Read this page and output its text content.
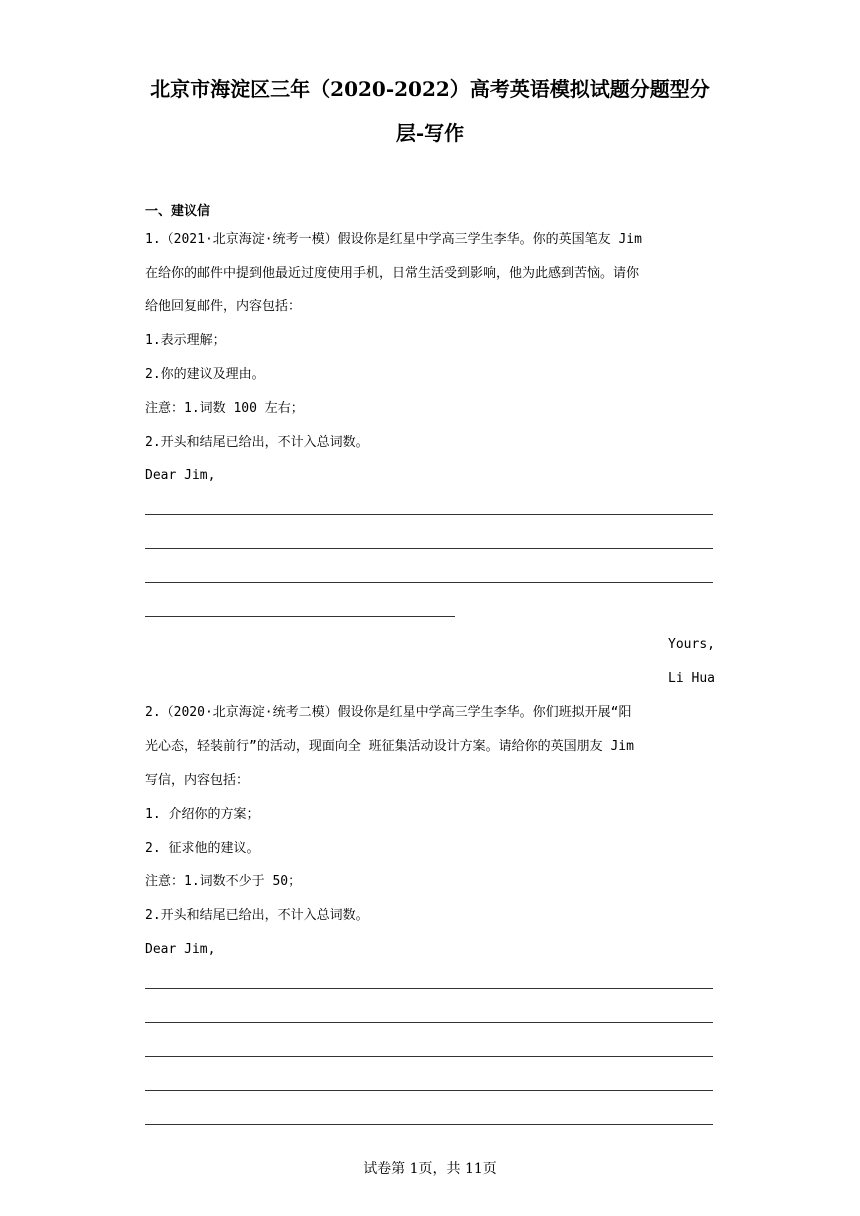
北京市海淀区三年（2020-2022）高考英语模拟试题分题型分
层-写作
一、建议信
1.（2021·北京海淀·统考一模）假设你是红星中学高三学生李华。你的英国笔友 Jim
在给你的邮件中提到他最近过度使用手机，日常生活受到影响，他为此感到苦恼。请你
给他回复邮件，内容包括：
1.表示理解；
2.你的建议及理由。
注意：1.词数 100 左右；
2.开头和结尾已给出，不计入总词数。
Dear Jim,
Yours,
Li Hua
2.（2020·北京海淀·统考二模）假设你是红星中学高三学生李华。你们班拟开展“阳
光心态，轻装前行”的活动，现面向全 班征集活动设计方案。请给你的英国朋友 Jim
写信，内容包括：
1. 介绍你的方案；
2. 征求他的建议。
注意：1.词数不少于 50；
2.开头和结尾已给出，不计入总词数。
Dear Jim,
试卷第 1页，共 11页
